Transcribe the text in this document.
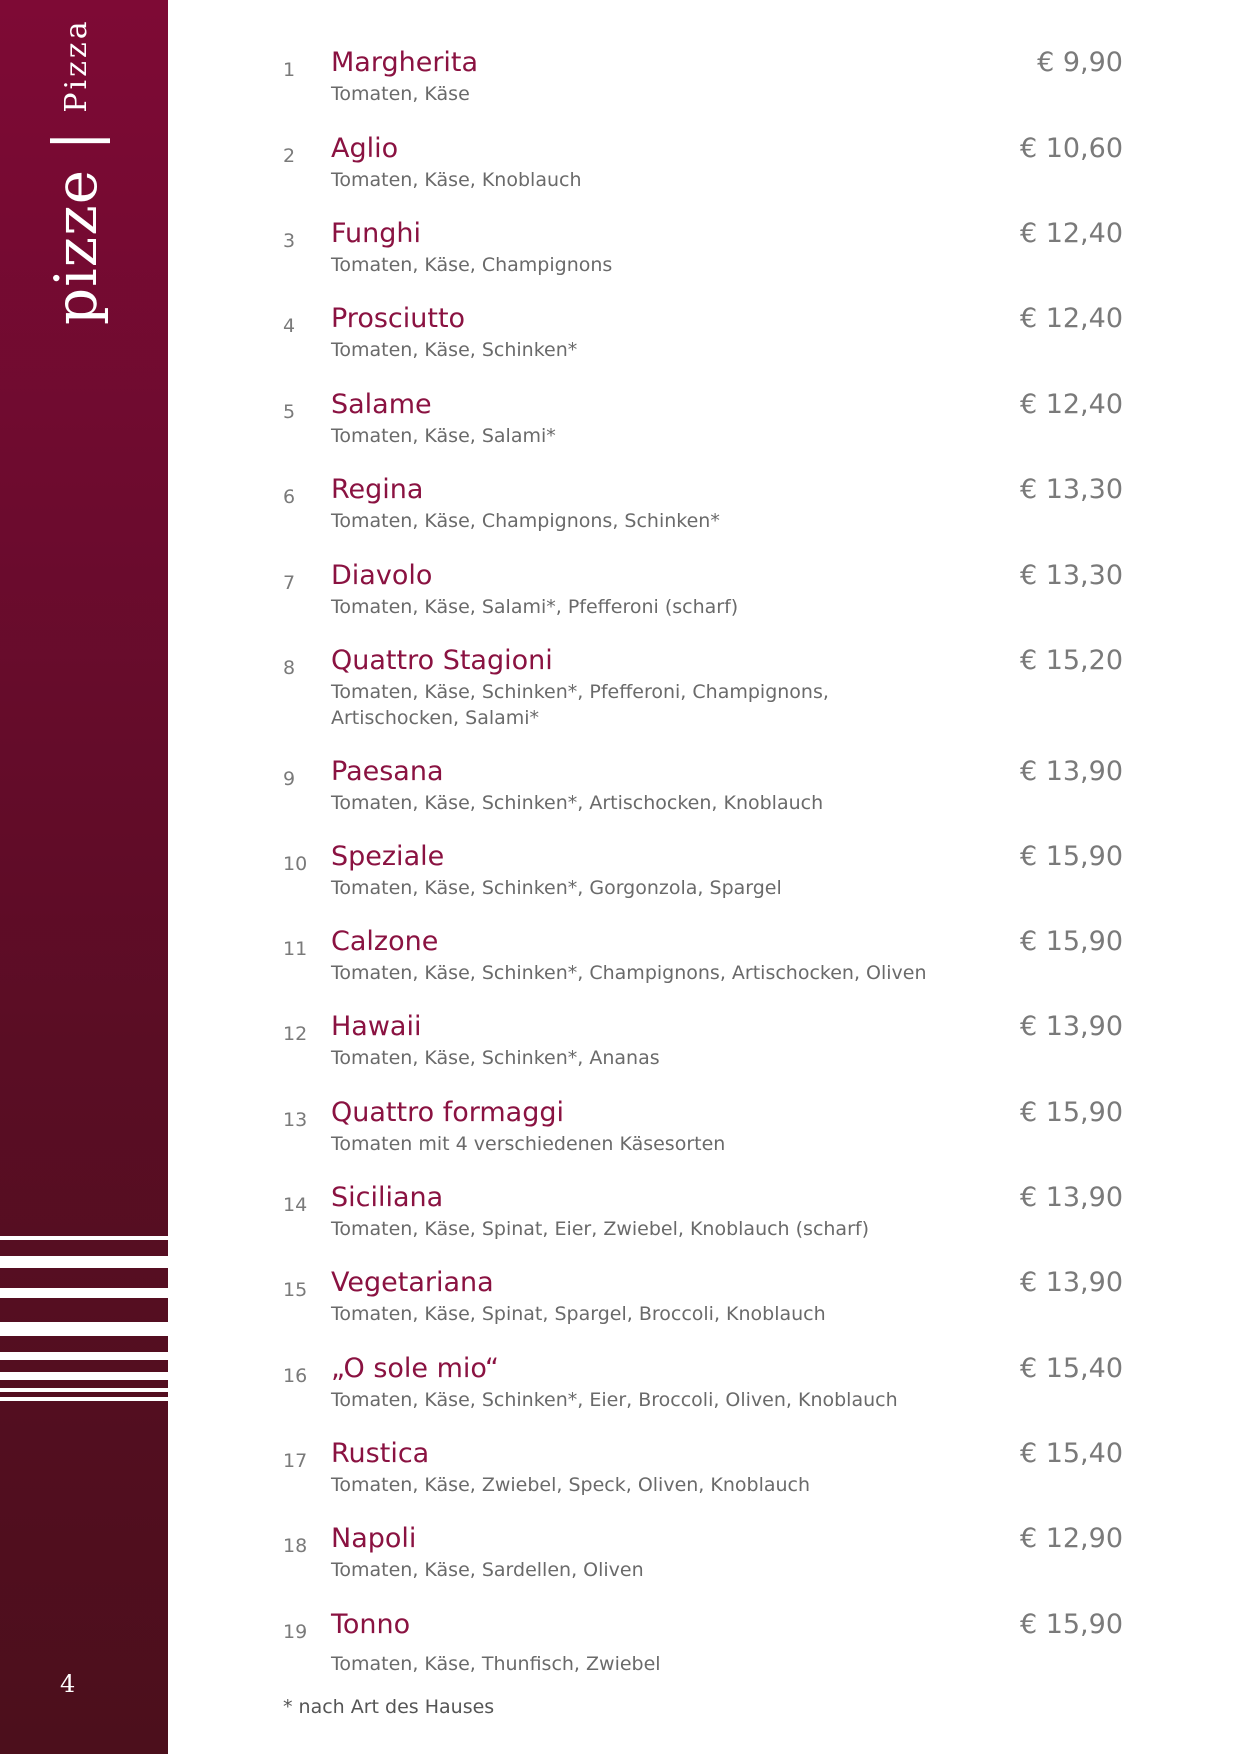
pizze
|
Pizza
4
1	Margherita
Tomaten, Käse
€ 9,90
2	Aglio
Tomaten, Käse, Knoblauch
€ 10,60
3	Funghi
Tomaten, Käse, Champignons
€ 12,40
4	Prosciutto
Tomaten, Käse, Schinken*
€ 12,40
5	Salame
Tomaten, Käse, Salami*
€ 12,40
6	Regina
Tomaten, Käse, Champignons, Schinken*
€ 13,30
7	Diavolo
Tomaten, Käse, Salami*, Pfefferoni (scharf)
€ 13,30
8	Quattro Stagioni
Tomaten, Käse, Schinken*, Pfefferoni, Champignons, Artischocken, Salami*
€ 15,20
9	Paesana
Tomaten, Käse, Schinken*, Artischocken, Knoblauch
€ 13,90
10 Speziale
Tomaten, Käse, Schinken*, Gorgonzola, Spargel
€ 15,90
11 Calzone
Tomaten, Käse, Schinken*, Champignons, Artischocken, Oliven
€ 15,90
12 Hawaii
Tomaten, Käse, Schinken*, Ananas
€ 13,90
13 Quattro formaggi
Tomaten mit 4 verschiedenen Käsesorten
€ 15,90
14 Siciliana
Tomaten, Käse, Spinat, Eier, Zwiebel, Knoblauch (scharf)
€ 13,90
15 Vegetariana
Tomaten, Käse, Spinat, Spargel, Broccoli, Knoblauch
€ 13,90
16 „O sole mio“
Tomaten, Käse, Schinken*, Eier, Broccoli, Oliven, Knoblauch
€ 15,40
17 Rustica
Tomaten, Käse, Zwiebel, Speck, Oliven, Knoblauch
€ 15,40
18 Napoli
Tomaten, Käse, Sardellen, Oliven
€ 12,90
19 Tonno
Tomaten, Käse, Thunfisch, Zwiebel
€ 15,90
* nach Art des Hauses
